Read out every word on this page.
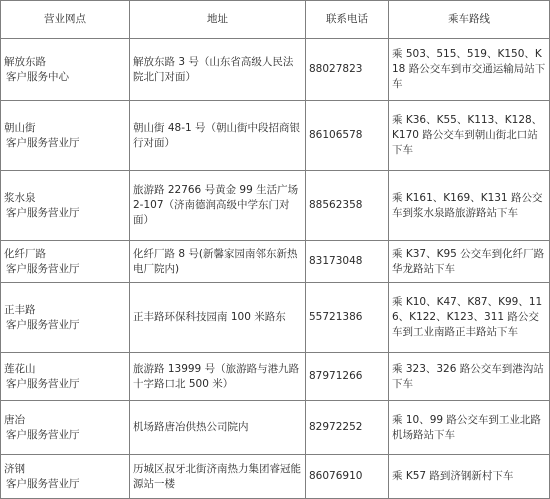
营业网点	地址	联系电话	乘车路线

解放东路
客户服务中心	解放东路 3 号（山东省高级人民法院北门对面）	88027823	乘 503、515、519、K150、K18 路公交车到市交通运输局站下车

朝山街
客户服务营业厅	朝山街 48-1 号（朝山街中段招商银行对面）	86106578	乘 K36、K55、K113、K128、K170 路公交车到朝山街北口站下车

浆水泉
客户服务营业厅	旅游路 22766 号黄金 99 生活广场 2-107（济南德润高级中学东门对面）	88562358	乘 K161、K169、K131 路公交车到浆水泉路旅游路站下车

化纤厂路
客户服务营业厅	化纤厂路 8 号(新馨家园南邻东新热电厂院内)	83173048	乘 K37、K95 公交车到化纤厂路华龙路站下车

正丰路
客户服务营业厅	正丰路环保科技园南 100 米路东	55721386	乘 K10、K47、K87、K99、116、K122、K123、311 路公交车到工业南路正丰路站下车

莲花山
客户服务营业厅	旅游路 13999 号（旅游路与港九路十字路口北 500 米）	87971266	乘 323、326 路公交车到港沟站下车

唐冶
客户服务营业厅	机场路唐冶供热公司院内	82972252	乘 10、99 路公交车到工业北路机场路站下车

济钢
客户服务营业厅	历城区叔牙北街济南热力集团睿冠能源站一楼	86076910	乘 K57 路到济钢新村下车
